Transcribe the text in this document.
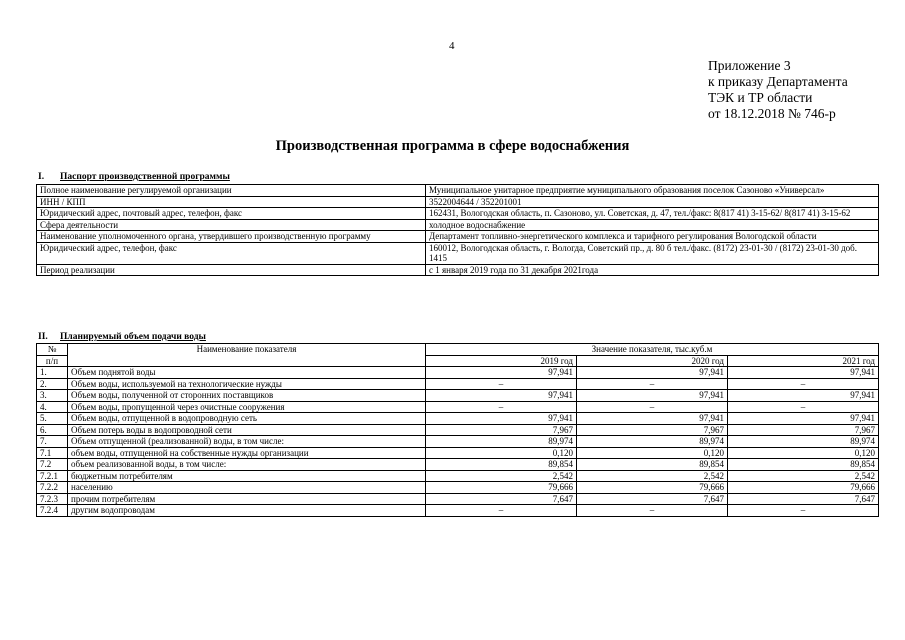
4
Приложение 3
к приказу Департамента
ТЭК и ТР области
от 18.12.2018 № 746-р
Производственная программа в сфере водоснабжения
I. Паспорт производственной программы
Полное наименование регулируемой организации	Муниципальное унитарное предприятие муниципального образования поселок Сазоново «Универсал»
ИНН / КПП	3522004644 / 352201001
Юридический адрес, почтовый адрес, телефон, факс	162431, Вологодская область, п. Сазоново, ул. Советская, д. 47, тел./факс: 8(817 41) 3-15-62/ 8(817 41) 3-15-62
Сфера деятельности	холодное водоснабжение
Наименование уполномоченного органа, утвердившего производственную программу	Департамент топливно-энергетического комплекса и тарифного регулирования Вологодской области
Юридический адрес, телефон, факс	160012, Вологодская область, г. Вологда, Советский пр., д. 80 б тел./факс. (8172) 23-01-30 / (8172) 23-01-30 доб. 1415
Период реализации	с 1 января 2019 года по 31 декабря 2021года
II. Планируемый объем подачи воды
№	Наименование показателя	Значение показателя, тыс.куб.м		
п/п		2019 год	2020 год	2021 год
1.	Объем поднятой воды	97,941	97,941	97,941
2.	Объем воды, используемой на технологические нужды	–	–	–
3.	Объем воды, полученной от сторонних поставщиков	97,941	97,941	97,941
4.	Объем воды, пропущенной через очистные сооружения	–	–	–
5.	Объем воды, отпущенной в водопроводную сеть	97,941	97,941	97,941
6.	Объем потерь воды в водопроводной сети	7,967	7,967	7,967
7.	Объем отпущенной (реализованной) воды, в том числе:	89,974	89,974	89,974
7.1	объем воды, отпущенной на собственные нужды организации	0,120	0,120	0,120
7.2	объем реализованной воды, в том числе:	89,854	89,854	89,854
7.2.1	бюджетным потребителям	2,542	2,542	2,542
7.2.2	населению	79,666	79,666	79,666
7.2.3	прочим потребителям	7,647	7,647	7,647
7.2.4	другим водопроводам	–	–	–
